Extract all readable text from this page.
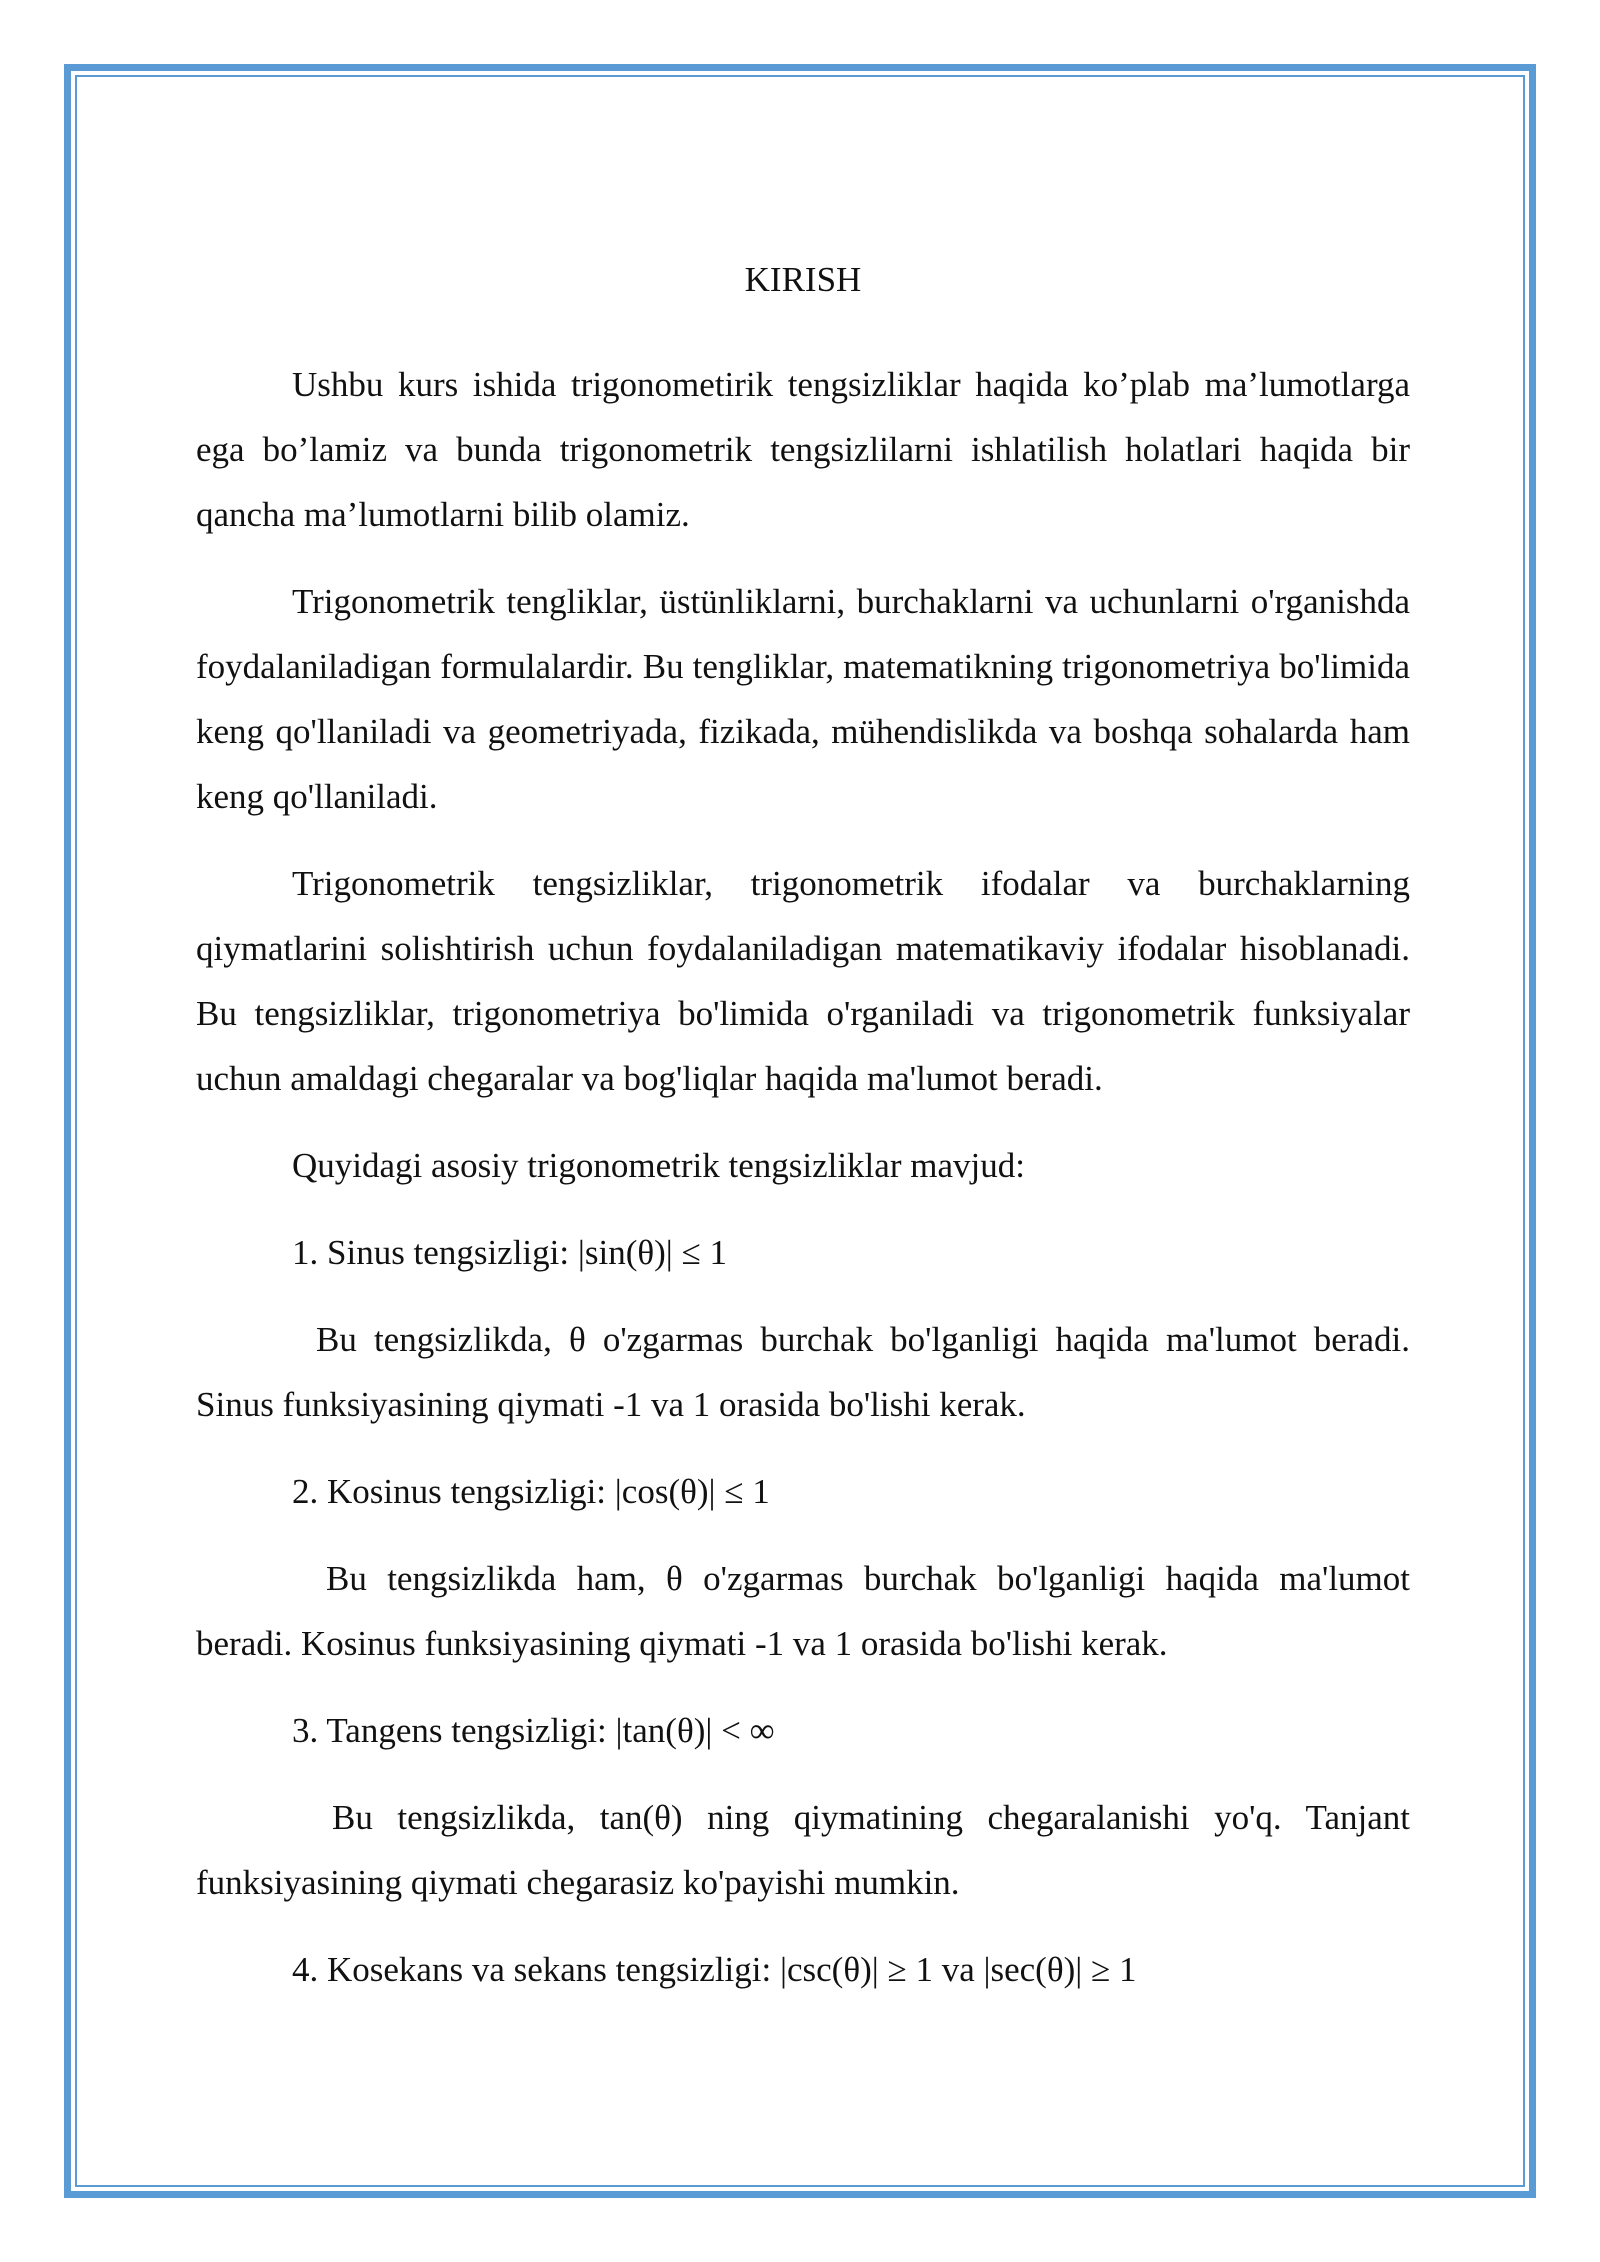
KIRISH

Ushbu kurs ishida trigonometirik tengsizliklar haqida ko’plab ma’lumotlarga ega bo’lamiz va bunda trigonometrik tengsizlilarni ishlatilish holatlari haqida bir qancha ma’lumotlarni bilib olamiz.

Trigonometrik tengliklar, üstünliklarni, burchaklarni va uchunlarni o'rganishda foydalaniladigan formulalardir. Bu tengliklar, matematikning trigonometriya bo'limida keng qo'llaniladi va geometriyada, fizikada, mühendislikda va boshqa sohalarda ham keng qo'llaniladi.

Trigonometrik tengsizliklar, trigonometrik ifodalar va burchaklarning qiymatlarini solishtirish uchun foydalaniladigan matematikaviy ifodalar hisoblanadi. Bu tengsizliklar, trigonometriya bo'limida o'rganiladi va trigonometrik funksiyalar uchun amaldagi chegaralar va bog'liqlar haqida ma'lumot beradi.

Quyidagi asosiy trigonometrik tengsizliklar mavjud:
1. Sinus tengsizligi: |sin(θ)| ≤ 1

Bu tengsizlikda, θ o'zgarmas burchak bo'lganligi haqida ma'lumot beradi. Sinus funksiyasining qiymati -1 va 1 orasida bo'lishi kerak.

2. Kosinus tengsizligi: |cos(θ)| ≤ 1

Bu tengsizlikda ham, θ o'zgarmas burchak bo'lganligi haqida ma'lumot beradi. Kosinus funksiyasining qiymati -1 va 1 orasida bo'lishi kerak.

3. Tangens tengsizligi: |tan(θ)| < ∞

Bu tengsizlikda, tan(θ) ning qiymatining chegaralanishi yo'q. Tanjant funksiyasining qiymati chegarasiz ko'payishi mumkin.

4. Kosekans va sekans tengsizligi: |csc(θ)| ≥ 1 va |sec(θ)| ≥ 1
